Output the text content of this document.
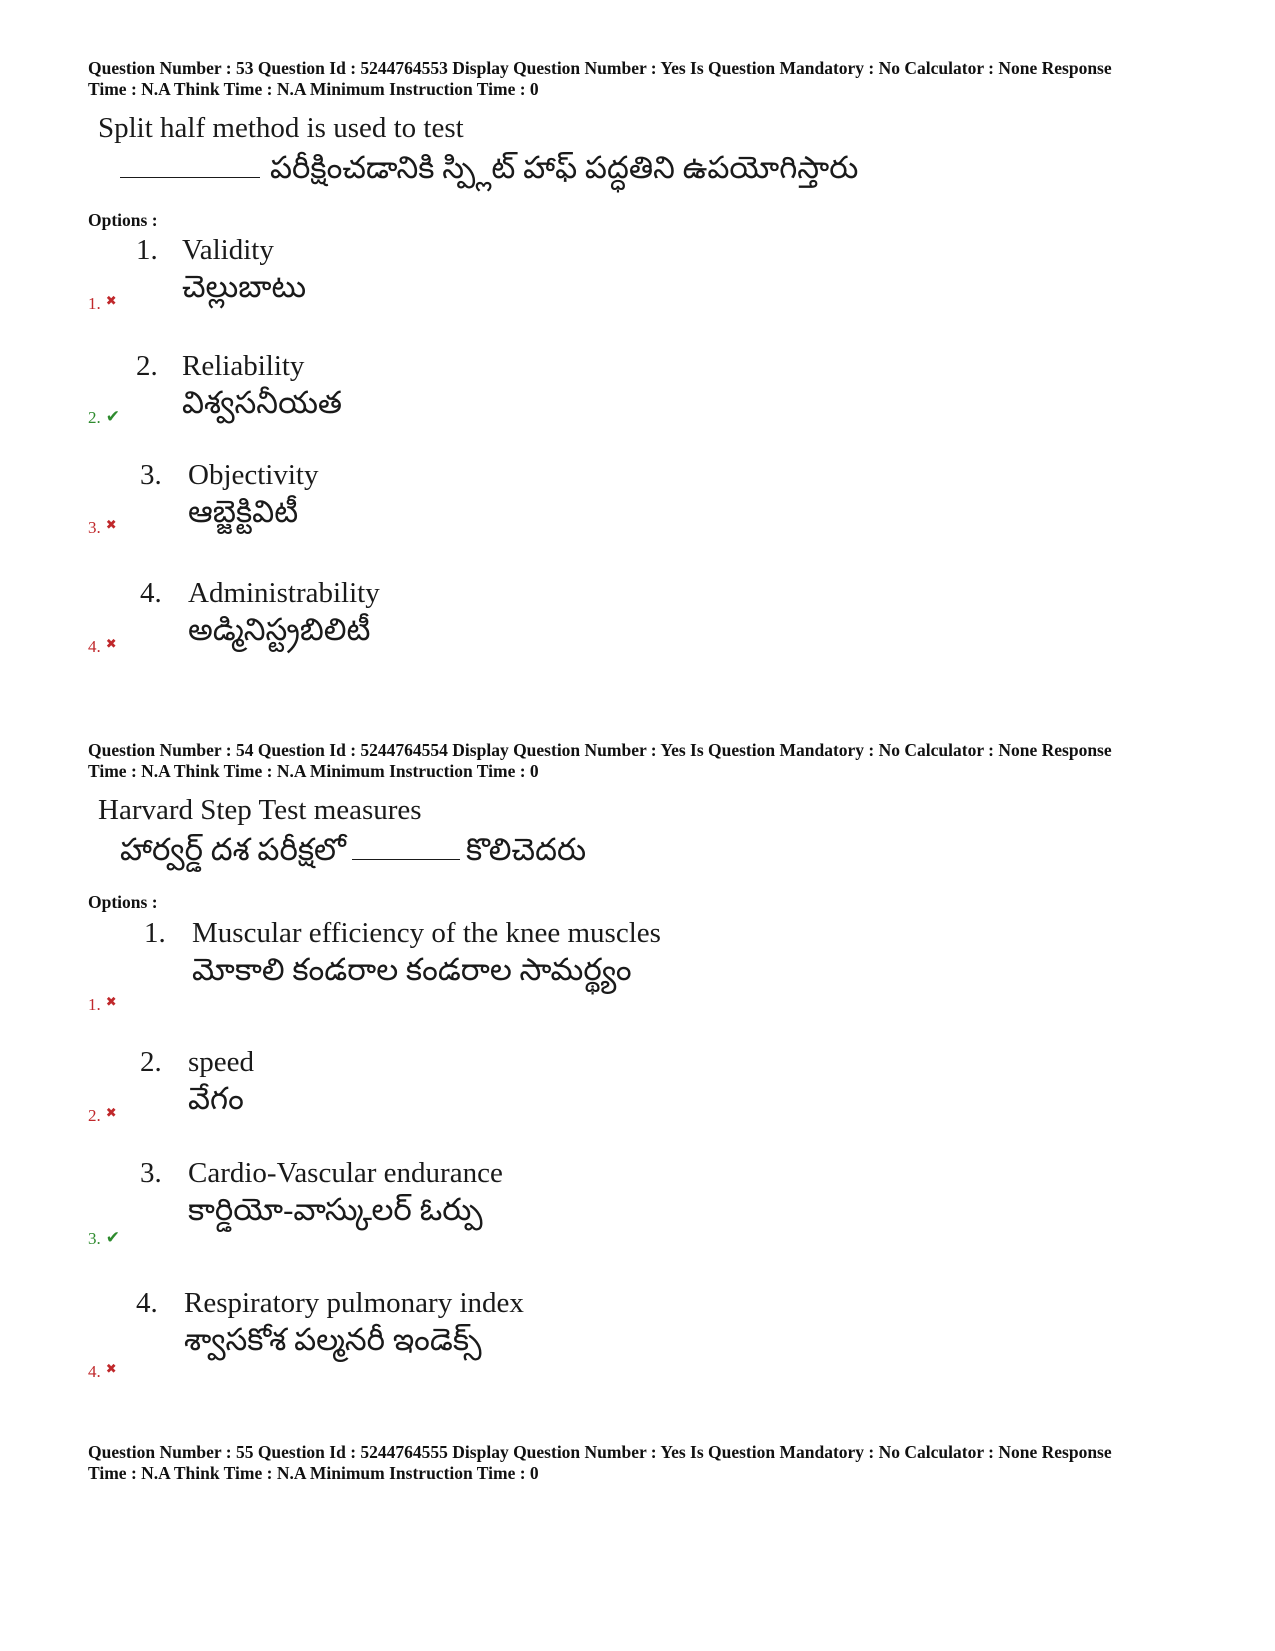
Question Number : 53 Question Id : 5244764553 Display Question Number : Yes Is Question Mandatory : No Calculator : None Response
Time : N.A Think Time : N.A Minimum Instruction Time : 0
Split half method is used to test
పరీక్షించడానికి స్ప్లిట్ హాఫ్ పద్ధతిని ఉపయోగిస్తారు
Options :
1. Validity
చెల్లుబాటు
1. ✖
2. Reliability
విశ్వసనీయత
2. ✔
3. Objectivity
ఆబ్జెక్టివిటీ
3. ✖
4. Administrability
అడ్మినిస్ట్రబిలిటీ
4. ✖
Question Number : 54 Question Id : 5244764554 Display Question Number : Yes Is Question Mandatory : No Calculator : None Response
Time : N.A Think Time : N.A Minimum Instruction Time : 0
Harvard Step Test measures
హార్వర్డ్ దశ పరీక్షలో	కొలిచెదరు
Options :
1. Muscular efficiency of the knee muscles
మోకాలి కండరాల కండరాల సామర్థ్యం
1. ✖
2. speed
వేగం
2. ✖
3. Cardio-Vascular endurance
కార్డియో-వాస్కులర్ ఓర్పు
3. ✔
4. Respiratory pulmonary index
శ్వాసకోశ పల్మనరీ ఇండెక్స్
4. ✖
Question Number : 55 Question Id : 5244764555 Display Question Number : Yes Is Question Mandatory : No Calculator : None Response
Time : N.A Think Time : N.A Minimum Instruction Time : 0
